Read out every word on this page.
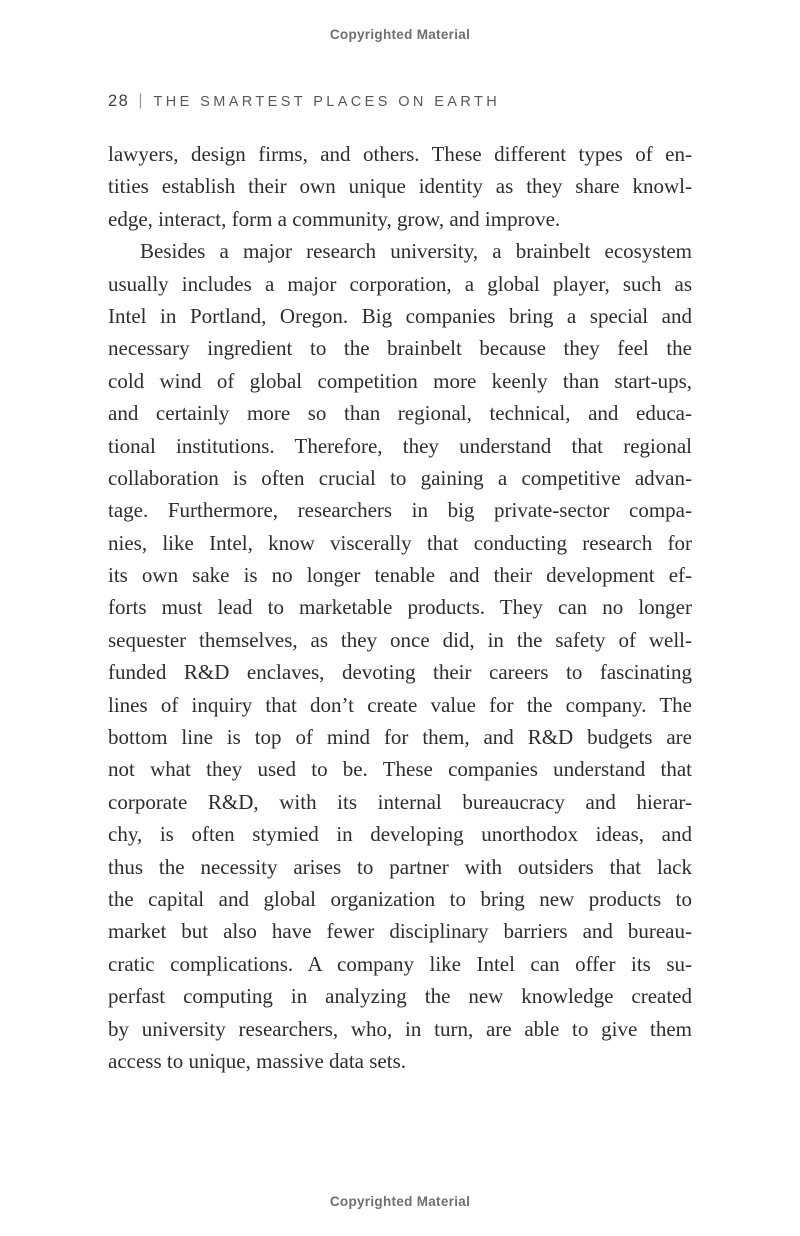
Copyrighted Material
28 | THE SMARTEST PLACES ON EARTH
lawyers, design firms, and others. These different types of en-
tities establish their own unique identity as they share knowl-
edge, interact, form a community, grow, and improve.
Besides a major research university, a brainbelt ecosystem
usually includes a major corporation, a global player, such as
Intel in Portland, Oregon. Big companies bring a special and
necessary ingredient to the brainbelt because they feel the
cold wind of global competition more keenly than start-ups,
and certainly more so than regional, technical, and educa-
tional institutions. Therefore, they understand that regional
collaboration is often crucial to gaining a competitive advan-
tage. Furthermore, researchers in big private-sector compa-
nies, like Intel, know viscerally that conducting research for
its own sake is no longer tenable and their development ef-
forts must lead to marketable products. They can no longer
sequester themselves, as they once did, in the safety of well-
funded R&D enclaves, devoting their careers to fascinating
lines of inquiry that don’t create value for the company. The
bottom line is top of mind for them, and R&D budgets are
not what they used to be. These companies understand that
corporate R&D, with its internal bureaucracy and hierar-
chy, is often stymied in developing unorthodox ideas, and
thus the necessity arises to partner with outsiders that lack
the capital and global organization to bring new products to
market but also have fewer disciplinary barriers and bureau-
cratic complications. A company like Intel can offer its su-
perfast computing in analyzing the new knowledge created
by university researchers, who, in turn, are able to give them
access to unique, massive data sets.
Copyrighted Material
